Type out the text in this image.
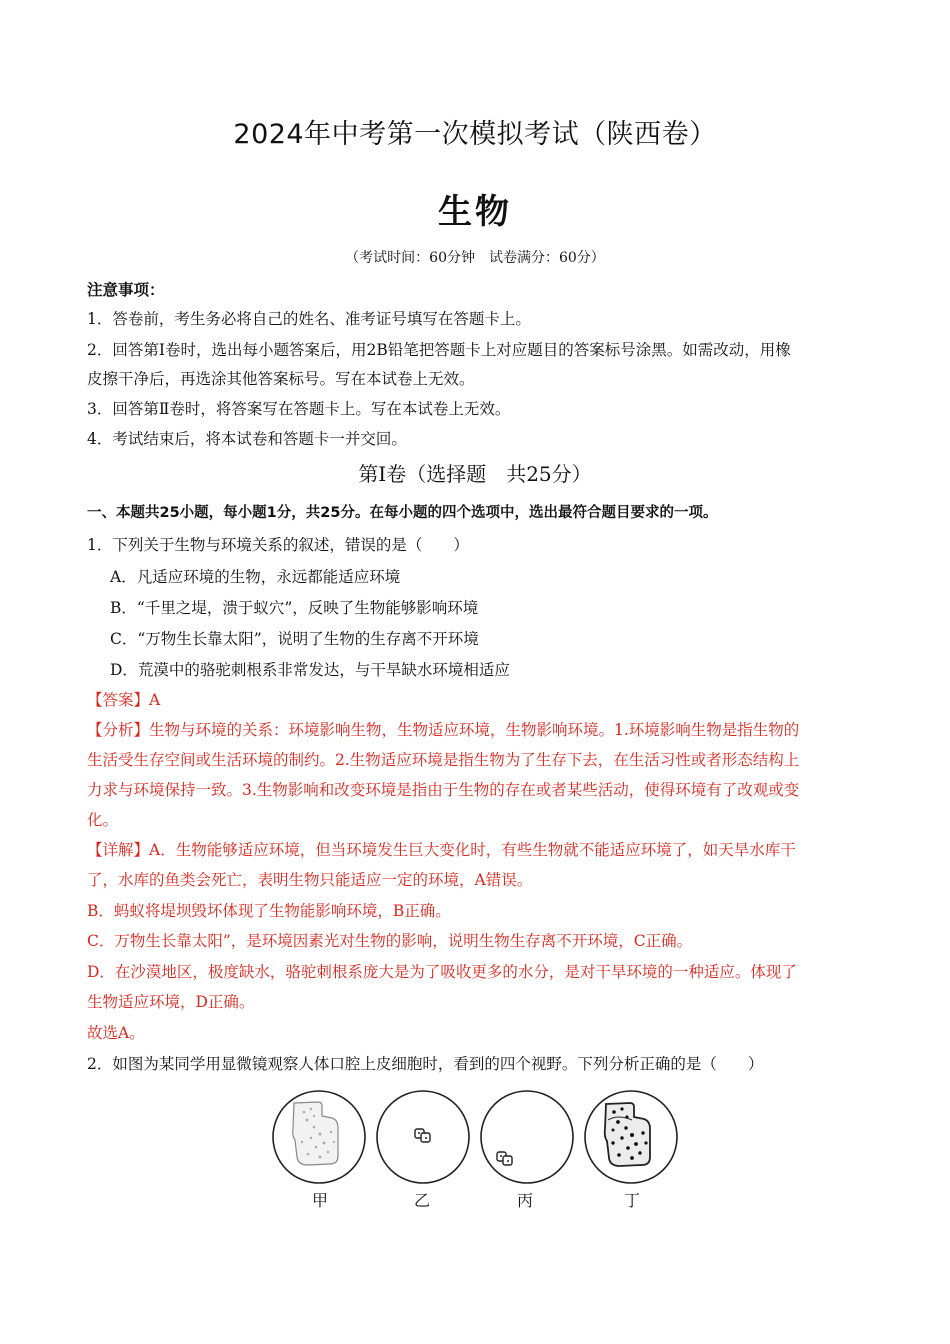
2024年中考第一次模拟考试（陕西卷）
生物
（考试时间：60分钟　试卷满分：60分）
注意事项：
1．答卷前，考生务必将自己的姓名、准考证号填写在答题卡上。
2．回答第Ⅰ卷时，选出每小题答案后，用2B铅笔把答题卡上对应题目的答案标号涂黑。如需改动，用橡
皮擦干净后，再选涂其他答案标号。写在本试卷上无效。
3．回答第Ⅱ卷时，将答案写在答题卡上。写在本试卷上无效。
4．考试结束后，将本试卷和答题卡一并交回。
第Ⅰ卷（选择题　共25分）
一、本题共25小题，每小题1分，共25分。在每小题的四个选项中，选出最符合题目要求的一项。
1．下列关于生物与环境关系的叙述，错误的是（　　）
A．凡适应环境的生物，永远都能适应环境
B．“千里之堤，溃于蚁穴”，反映了生物能够影响环境
C．“万物生长靠太阳”，说明了生物的生存离不开环境
D．荒漠中的骆驼刺根系非常发达，与干旱缺水环境相适应
【答案】A
【分析】生物与环境的关系：环境影响生物，生物适应环境，生物影响环境。1.环境影响生物是指生物的
生活受生存空间或生活环境的制约。2.生物适应环境是指生物为了生存下去，在生活习性或者形态结构上
力求与环境保持一致。3.生物影响和改变环境是指由于生物的存在或者某些活动，使得环境有了改观或变
化。
【详解】A．生物能够适应环境，但当环境发生巨大变化时，有些生物就不能适应环境了，如天旱水库干
了，水库的鱼类会死亡，表明生物只能适应一定的环境，A错误。
B．蚂蚁将堤坝毁坏体现了生物能影响环境，B正确。
C．万物生长靠太阳”，是环境因素光对生物的影响，说明生物生存离不开环境，C正确。
D．在沙漠地区，极度缺水，骆驼刺根系庞大是为了吸收更多的水分，是对干旱环境的一种适应。体现了
生物适应环境，D正确。
故选A。
2．如图为某同学用显微镜观察人体口腔上皮细胞时，看到的四个视野。下列分析正确的是（　　）
甲	乙	丙	丁
